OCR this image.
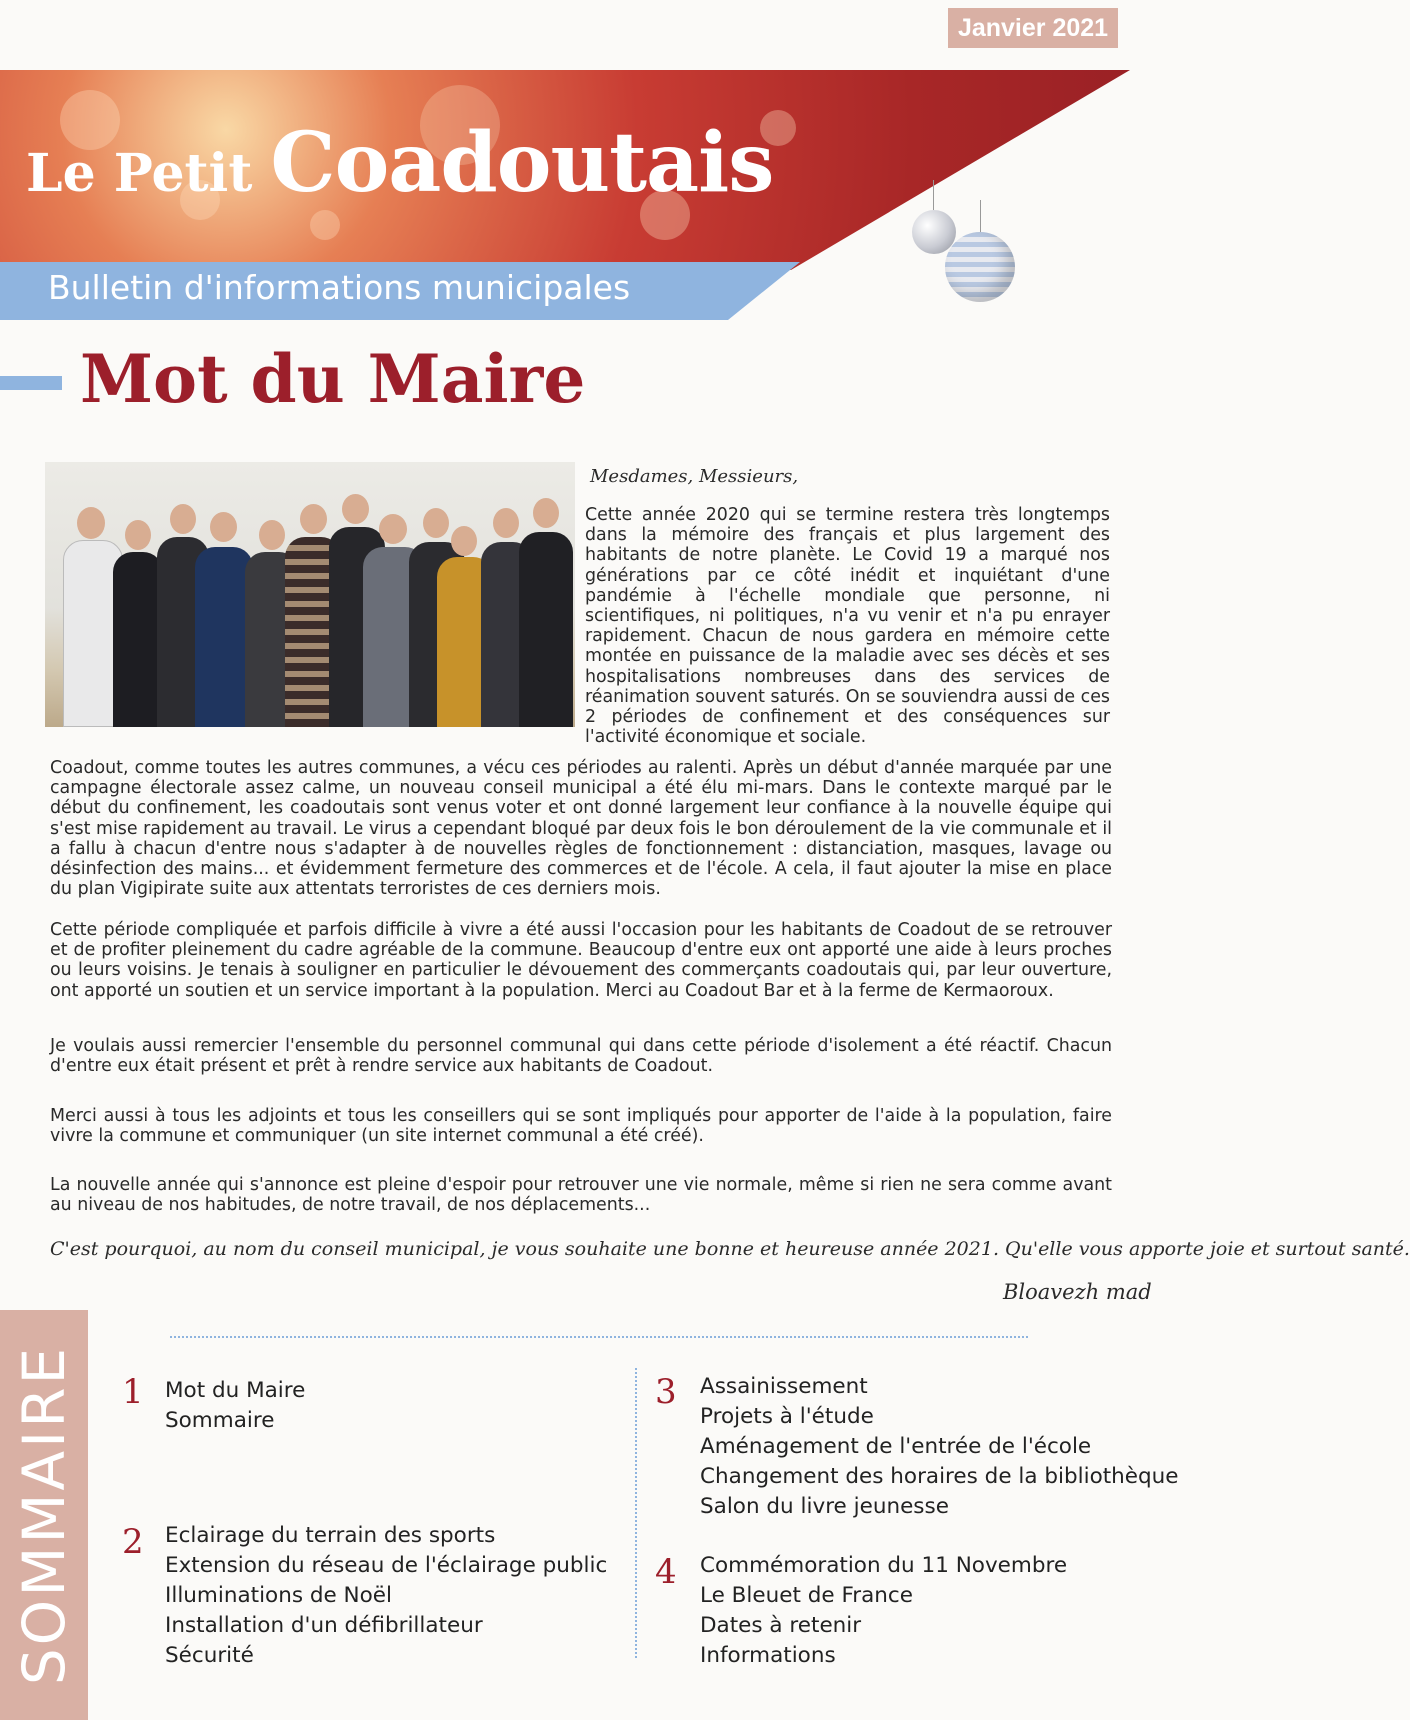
Janvier 2021
Le Petit Coadoutais
Bulletin d'informations municipales
Mot du Maire
Mesdames, Messieurs,
Cette année 2020 qui se termine restera très longtemps dans la mémoire des français et plus largement des habitants de notre planète. Le Covid 19 a marqué nos générations par ce côté inédit et inquiétant d'une pandémie à l'échelle mondiale que personne, ni scientifiques, ni politiques, n'a vu venir et n'a pu enrayer rapidement. Chacun de nous gardera en mémoire cette montée en puissance de la maladie avec ses décès et ses hospitalisations nombreuses dans des services de réanimation souvent saturés. On se souviendra aussi de ces 2 périodes de confinement et des conséquences sur l'activité économique et sociale.
Coadout, comme toutes les autres communes, a vécu ces périodes au ralenti. Après un début d'année marquée par une campagne électorale assez calme, un nouveau conseil municipal a été élu mi-mars. Dans le contexte marqué par le début du confinement, les coadoutais sont venus voter et ont donné largement leur confiance à la nouvelle équipe qui s'est mise rapidement au travail. Le virus a cependant bloqué par deux fois le bon déroulement de la vie communale et il a fallu à chacun d'entre nous s'adapter à de nouvelles règles de fonctionnement : distanciation, masques, lavage ou désinfection des mains... et évidemment fermeture des commerces et de l'école. A cela, il faut ajouter la mise en place du plan Vigipirate suite aux attentats terroristes de ces derniers mois.
Cette période compliquée et parfois difficile à vivre a été aussi l'occasion pour les habitants de Coadout de se retrouver et de profiter pleinement du cadre agréable de la commune. Beaucoup d'entre eux ont apporté une aide à leurs proches ou leurs voisins. Je tenais à souligner en particulier le dévouement des commerçants coadoutais qui, par leur ouverture, ont apporté un soutien et un service important à la population. Merci au Coadout Bar et à la ferme de Kermaoroux.
Je voulais aussi remercier l'ensemble du personnel communal qui dans cette période d'isolement a été réactif. Chacun d'entre eux était présent et prêt à rendre service aux habitants de Coadout.
Merci aussi à tous les adjoints et tous les conseillers qui se sont impliqués pour apporter de l'aide à la population, faire vivre la commune et communiquer (un site internet communal a été créé).
La nouvelle année qui s'annonce est pleine d'espoir pour retrouver une vie normale, même si rien ne sera comme avant au niveau de nos habitudes, de notre travail, de nos déplacements...
C'est pourquoi, au nom du conseil municipal, je vous souhaite une bonne et heureuse année 2021. Qu'elle vous apporte joie et surtout santé.
Bloavezh mad
SOMMAIRE 1 Mot du Maire
Sommaire
2 Eclairage du terrain des sports
Extension du réseau de l'éclairage public
Illuminations de Noël
Installation d'un défibrillateur
Sécurité
3 Assainissement
Projets à l'étude
Aménagement de l'entrée de l'école
Changement des horaires de la bibliothèque
Salon du livre jeunesse
4 Commémoration du 11 Novembre
Le Bleuet de France
Dates à retenir
Informations
